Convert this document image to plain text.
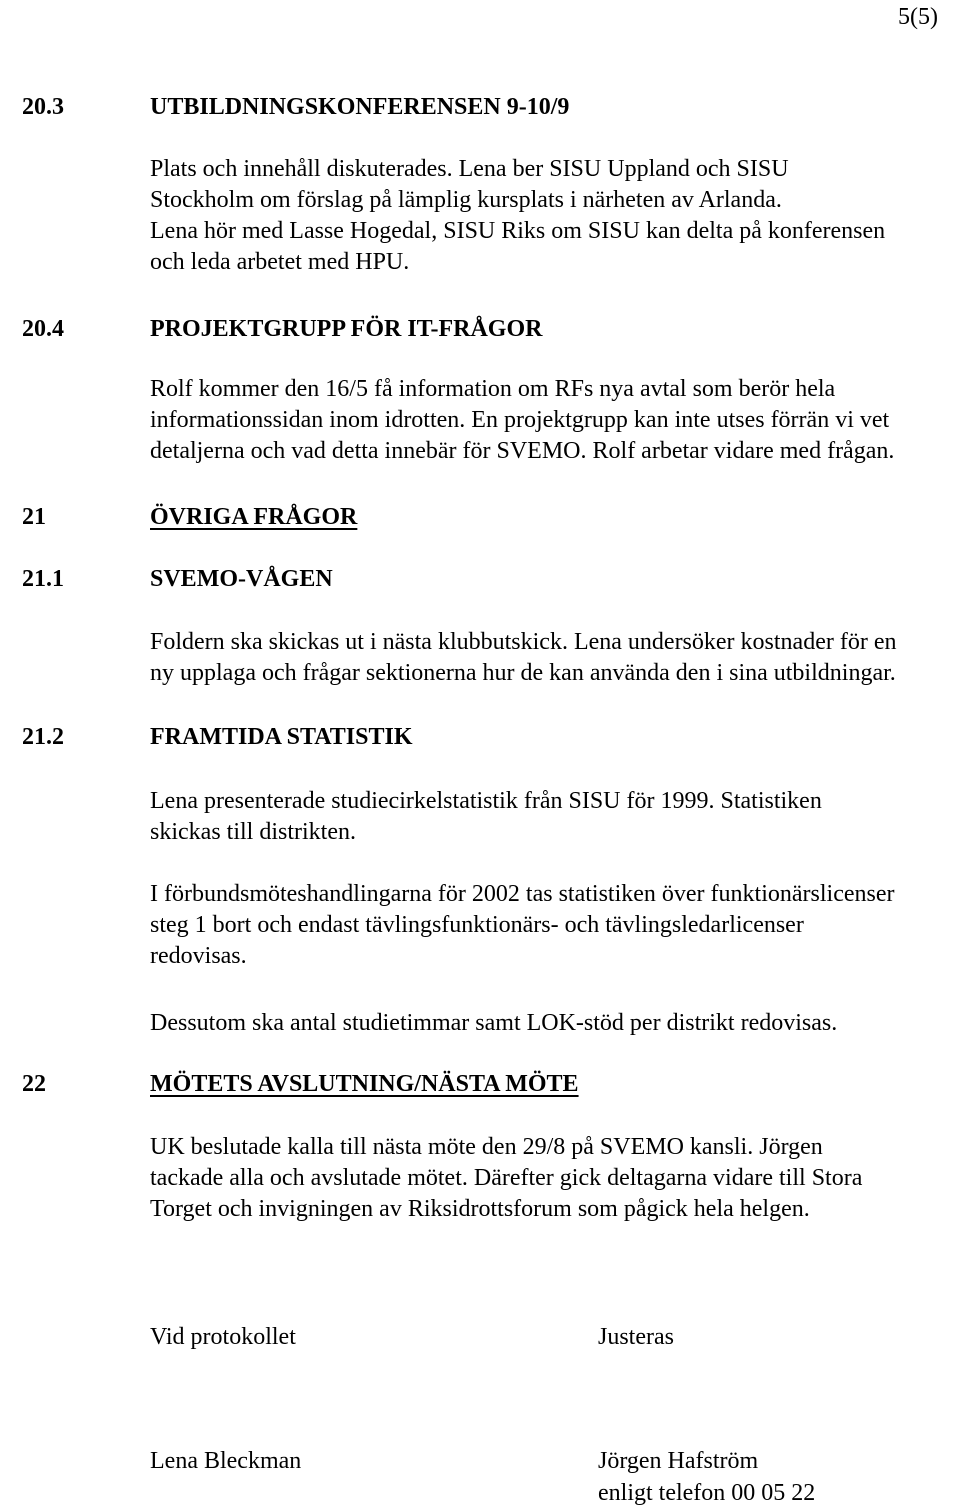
5(5)
20.3	UTBILDNINGSKONFERENSEN 9-10/9
Plats och innehåll diskuterades. Lena ber SISU Uppland och SISU
Stockholm om förslag på lämplig kursplats i närheten av Arlanda.
Lena hör med Lasse Hogedal, SISU Riks om SISU kan delta på konferensen
och leda arbetet med HPU.
20.4	PROJEKTGRUPP FÖR IT-FRÅGOR
Rolf kommer den 16/5 få information om RFs nya avtal som berör hela
informationssidan inom idrotten. En projektgrupp kan inte utses förrän vi vet
detaljerna och vad detta innebär för SVEMO. Rolf arbetar vidare med frågan.
21	ÖVRIGA FRÅGOR
21.1	SVEMO-VÅGEN
Foldern ska skickas ut i nästa klubbutskick. Lena undersöker kostnader för en
ny upplaga och frågar sektionerna hur de kan använda den i sina utbildningar.
21.2	FRAMTIDA STATISTIK
Lena presenterade studiecirkelstatistik från SISU för 1999. Statistiken
skickas till distrikten.
I förbundsmöteshandlingarna för 2002 tas statistiken över funktionärslicenser
steg 1 bort och endast tävlingsfunktionärs- och tävlingsledarlicenser
redovisas.
Dessutom ska antal studietimmar samt LOK-stöd per distrikt redovisas.
22	MÖTETS AVSLUTNING/NÄSTA MÖTE
UK beslutade kalla till nästa möte den 29/8 på SVEMO kansli. Jörgen
tackade alla och avslutade mötet. Därefter gick deltagarna vidare till Stora
Torget och invigningen av Riksidrottsforum som pågick hela helgen.
Vid protokollet	Justeras
Lena Bleckman	Jörgen Hafström
enligt telefon 00 05 22
